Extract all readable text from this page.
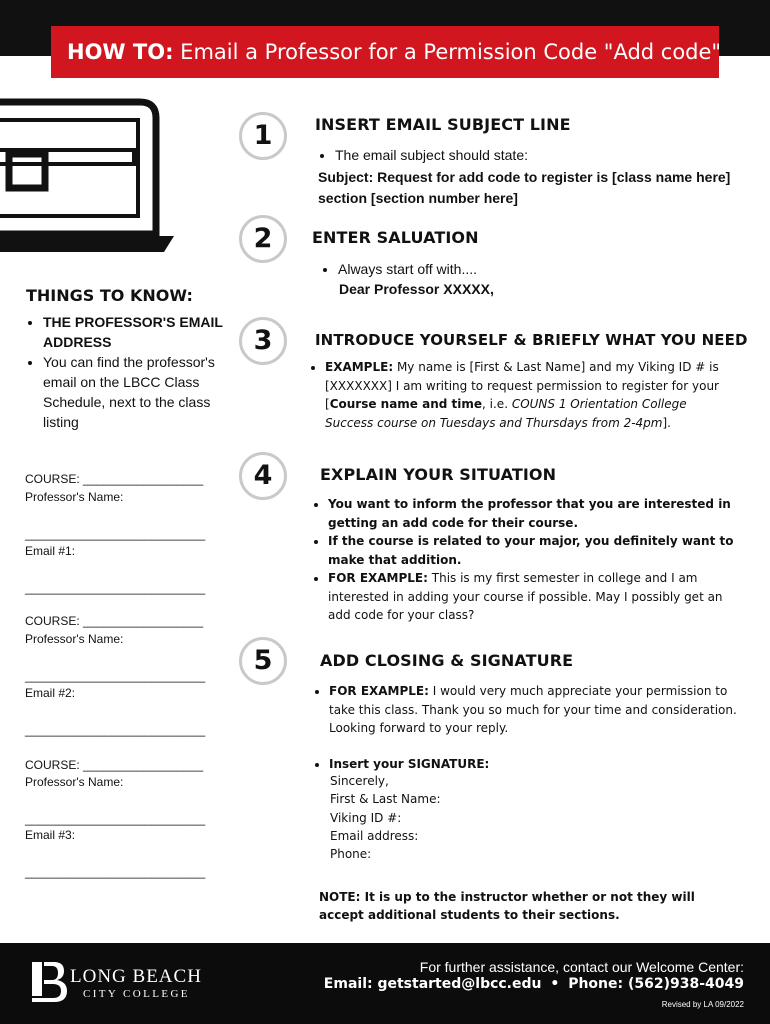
HOW TO: Email a Professor for a Permission Code "Add code"
1	INSERT EMAIL SUBJECT LINE
• The email subject should state:
Subject: Request for add code to register is [class name here] section [section number here]
2	ENTER SALUATION
• Always start off with....
Dear Professor XXXXX,
THINGS TO KNOW:
• THE PROFESSOR'S EMAIL ADDRESS
• You can find the professor's email on the LBCC Class Schedule, next to the class listing
3	INTRODUCE YOURSELF & BRIEFLY WHAT YOU NEED
• EXAMPLE: My name is [First & Last Name] and my Viking ID # is [XXXXXXX] I am writing to request permission to register for your [Course name and time, i.e. COUNS 1 Orientation College Success course on Tuesdays and Thursdays from 2-4pm].
4	EXPLAIN YOUR SITUATION
• You want to inform the professor that you are interested in getting an add code for their course.
• If the course is related to your major, you definitely want to make that addition.
• FOR EXAMPLE: This is my first semester in college and I am interested in adding your course if possible. May I possibly get an add code for your class?
COURSE: __________________
Professor's Name:
___________________________
Email #1:
___________________________
COURSE: __________________
Professor's Name:
___________________________
Email #2:
___________________________
COURSE: __________________
Professor's Name:
___________________________
Email #3:
___________________________
5	ADD CLOSING & SIGNATURE
• FOR EXAMPLE: I would very much appreciate your permission to take this class. Thank you so much for your time and consideration. Looking forward to your reply.
• Insert your SIGNATURE:
Sincerely,
First & Last Name:
Viking ID #:
Email address:
Phone:
NOTE: It is up to the instructor whether or not they will accept additional students to their sections.
LONG BEACH
CITY COLLEGE
For further assistance, contact our Welcome Center:
Email: getstarted@lbcc.edu • Phone: (562)938-4049
Revised by LA 09/2022
